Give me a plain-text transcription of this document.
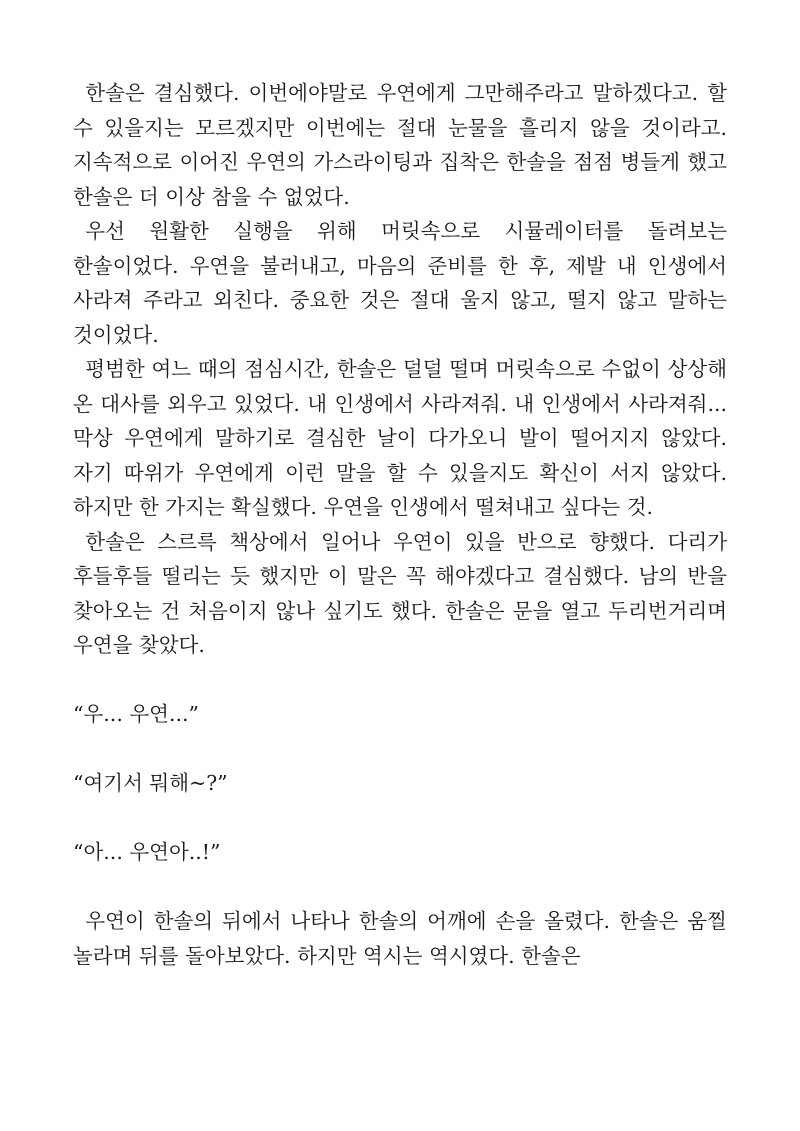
한솔은 결심했다. 이번에야말로 우연에게 그만해주라고 말하겠다고. 할 수 있을지는 모르겠지만 이번에는 절대 눈물을 흘리지 않을 것이라고. 지속적으로 이어진 우연의 가스라이팅과 집착은 한솔을 점점 병들게 했고 한솔은 더 이상 참을 수 없었다.

우선 원활한 실행을 위해 머릿속으로 시뮬레이터를 돌려보는 한솔이었다. 우연을 불러내고, 마음의 준비를 한 후, 제발 내 인생에서 사라져 주라고 외친다. 중요한 것은 절대 울지 않고, 떨지 않고 말하는 것이었다.

평범한 여느 때의 점심시간, 한솔은 덜덜 떨며 머릿속으로 수없이 상상해 온 대사를 외우고 있었다. 내 인생에서 사라져줘. 내 인생에서 사라져줘... 막상 우연에게 말하기로 결심한 날이 다가오니 발이 떨어지지 않았다. 자기 따위가 우연에게 이런 말을 할 수 있을지도 확신이 서지 않았다. 하지만 한 가지는 확실했다. 우연을 인생에서 떨쳐내고 싶다는 것.

한솔은 스르륵 책상에서 일어나 우연이 있을 반으로 향했다. 다리가 후들후들 떨리는 듯 했지만 이 말은 꼭 해야겠다고 결심했다. 남의 반을 찾아오는 건 처음이지 않나 싶기도 했다. 한솔은 문을 열고 두리번거리며 우연을 찾았다.

“우... 우연...”

“여기서 뭐해~?”

“아... 우연아..!”

우연이 한솔의 뒤에서 나타나 한솔의 어깨에 손을 올렸다. 한솔은 움찔 놀라며 뒤를 돌아보았다. 하지만 역시는 역시였다. 한솔은
